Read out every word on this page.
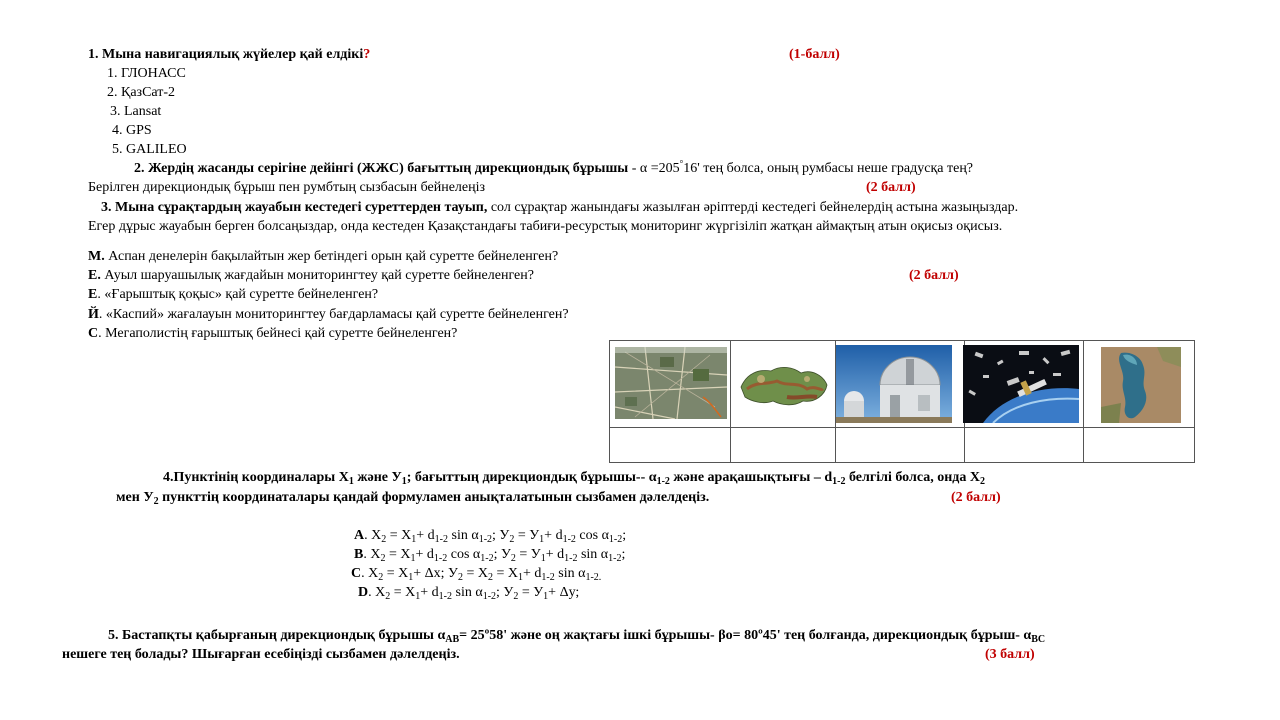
1. Мына навигациялық жүйелер қай елдікі?	(1-балл)
1. ГЛОНАСС
2. ҚазСат-2
3. Lansat
4. GPS
5. GALILEO
2. Жердің жасанды серігіне дейінгі (ЖЖС) бағыттың дирекциондық бұрышы - α =205°16' тең болса, оның румбасы неше градусқа тең?
Берілген дирекциондық бұрыш пен румбтың сызбасын бейнелеңіз	(2 балл)
3. Мына сұрақтардың жауабын кестедегі суреттерден тауып, сол сұрақтар жанындағы жазылған әріптерді кестедегі бейнелердің астына жазыңыздар.
Егер дұрыс жауабын берген болсаңыздар, онда кестеден Қазақстандағы табиғи-ресурстық мониторинг жүргізіліп жатқан аймақтың атын оқисыз оқисыз.
М. Аспан денелерін бақылайтын жер бетіндегі орын қай суретте бейнеленген?
Е. Ауыл шаруашылық жағдайын мониторингтеу қай суретте бейнеленген?	(2 балл)
Е. «Ғарыштық қоқыс» қай суретте бейнеленген?
Й. «Каспий» жағалауын мониторингтеу бағдарламасы қай суретте бейнеленген?
С. Мегаполистің ғарыштық бейнесі қай суретте бейнеленген?

4.Пунктінің координалары $Х_1$ және $У_1$; бағыттың дирекциондық бұрышы-- $\alpha_{1-2}$ және арақашықтығы – $d_{1-2}$ белгілі болса, онда $Х_2$
мен $У_2$ пункттің координаталары қандай формуламен анықталатынын сызбамен дәлелдеңіз.	(2 балл)
А. $Х_2 = Х_1+ d_{1-2}$ $\sin \alpha_{1-2}$; $У_2 = У_1+ d_{1-2}$ $\cos \alpha_{1-2}$;
В. $Х_2 = Х_1+ d_{1-2}$ $\cos \alpha_{1-2}$; $У_2 = У_1+ d_{1-2}$ $\sin \alpha_{1-2}$;
С. $Х_2 = Х_1+ \Delta х$; $У_2 = Х_2 = Х_1+ d_{1-2}$ $\sin \alpha_{1-2.}$
D. $Х_2 = Х_1+ d_{1-2}$ $\sin \alpha_{1-2}$; $У_2 = У_1+ \Delta у$;
5. Бастапқты қабырғаның дирекциондық бұрышы $\alpha_{АВ}=$ 25º58' және оң жақтағы ішкі бұрышы- βо= 80º45' тең болғанда, дирекциондық бұрыш- $\alpha_{ВС}$
нешеге тең болады? Шығарған есебіңізді сызбамен дәлелдеңіз.	(3 балл)
